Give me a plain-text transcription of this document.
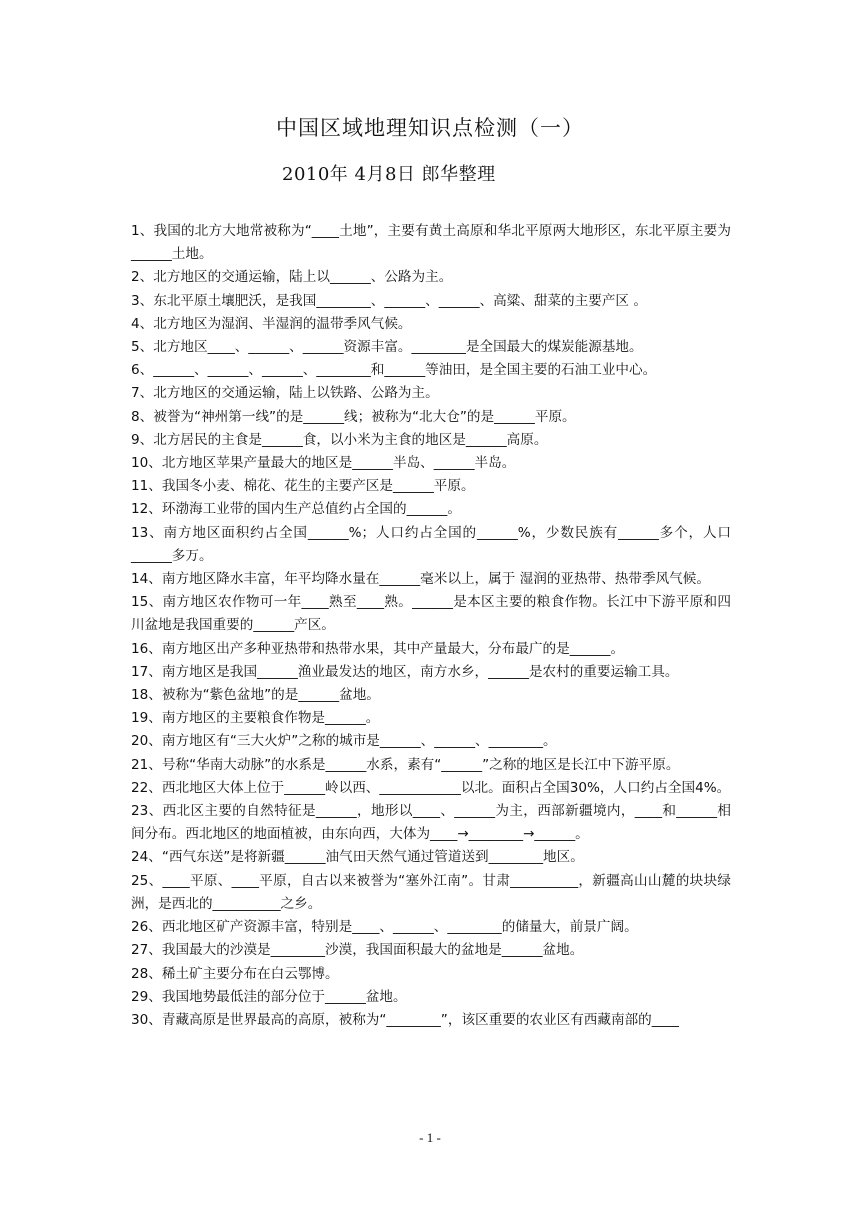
中国区域地理知识点检测（一）
2010年 4月8日 郎华整理

1、我国的北方大地常被称为“____土地”，主要有黄土高原和华北平原两大地形区，东北平原主要为______土地。

2、北方地区的交通运输，陆上以______、公路为主。

3、东北平原土壤肥沃，是我国________、______、______、高粱、甜菜的主要产区 。

4、北方地区为湿润、半湿润的温带季风气候。

5、北方地区____、______、______资源丰富。________是全国最大的煤炭能源基地。

6、______、______、______、________和______等油田，是全国主要的石油工业中心。

7、北方地区的交通运输，陆上以铁路、公路为主。

8、被誉为“神州第一线”的是______线；被称为“北大仓”的是______平原。

9、北方居民的主食是______食，以小米为主食的地区是______高原。

10、北方地区苹果产量最大的地区是______半岛、______半岛。

11、我国冬小麦、棉花、花生的主要产区是______平原。

12、环渤海工业带的国内生产总值约占全国的______。

13、南方地区面积约占全国______%；人口约占全国的______%，少数民族有______多个，人口______多万。

14、南方地区降水丰富，年平均降水量在______毫米以上，属于 湿润的亚热带、热带季风气候。

15、南方地区农作物可一年____熟至____熟。______是本区主要的粮食作物。长江中下游平原和四川盆地是我国重要的______产区。

16、南方地区出产多种亚热带和热带水果，其中产量最大，分布最广的是______。

17、南方地区是我国______渔业最发达的地区，南方水乡，______是农村的重要运输工具。

18、被称为“紫色盆地”的是______盆地。

19、南方地区的主要粮食作物是______。

20、南方地区有“三大火炉”之称的城市是______、______、________。

21、号称“华南大动脉”的水系是______水系，素有“______”之称的地区是长江中下游平原。

22、西北地区大体上位于______岭以西、____________以北。面积占全国30%，人口约占全国4%。

23、西北区主要的自然特征是______，地形以____、______为主，西部新疆境内，____和______相间分布。西北地区的地面植被，由东向西，大体为____→________→______。

24、“西气东送”是将新疆______油气田天然气通过管道送到________地区。

25、____平原、____平原，自古以来被誉为“塞外江南”。甘肃__________，新疆高山山麓的块块绿洲，是西北的__________之乡。

26、西北地区矿产资源丰富，特别是____、______、________的储量大，前景广阔。

27、我国最大的沙漠是________沙漠，我国面积最大的盆地是______盆地。

28、稀土矿主要分布在白云鄂博。

29、我国地势最低洼的部分位于______盆地。

30、青藏高原是世界最高的高原，被称为“________”，该区重要的农业区有西藏南部的____

- 1 -
